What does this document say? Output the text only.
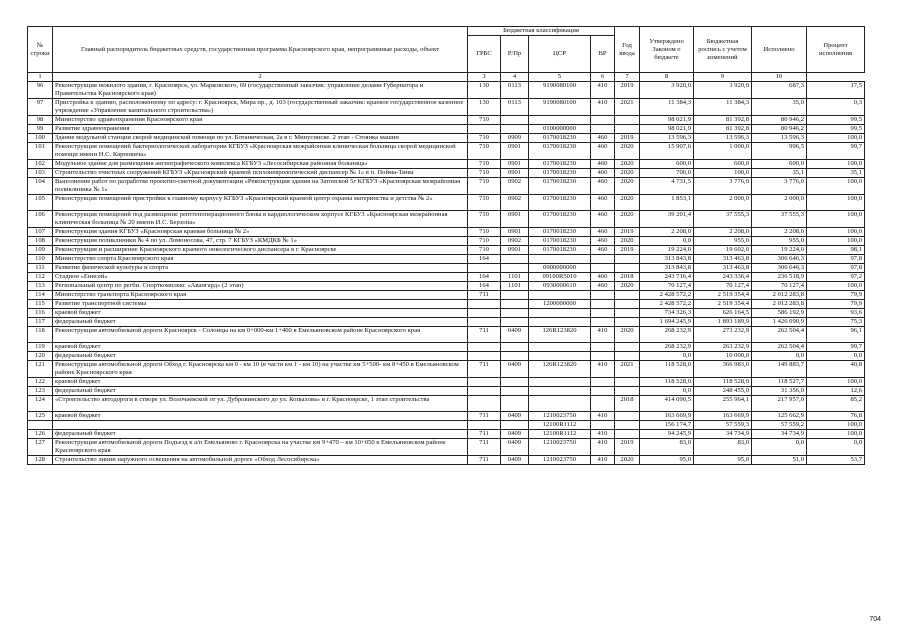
№ строки	Главный распорядитель бюджетных средств, государственная программа Красноярского края, непрограммные расходы, объект	Бюджетная классификация				Год ввода	Утверждено Законом о бюджете	Бюджетная роспись с учетом изменений	Исполнено	Процент исполнения
		ГРБС	Р/Пр	ЦСР	ВР					
1	2	3	4	5	6	7	8	9	10	
96	Реконструкция нежилого здания, г. Красноярск, ул. Марковского, 69 (государственный заказчик: управление делами Губернатора и Правительства Красноярского края)	130	0113	9190080100	410	2019	3 920,0	3 920,0	687,3	17,5
97	Пристройка к зданию, расположенному по адресу: г. Красноярск, Мира пр., д. 103 (государственный заказчик: краевое государственное казенное учреждение «Управление капитального строительства»)	130	0113	9190080100	410	2021	11 384,3	11 384,3	35,0	0,3
98	Министерство здравоохранения Красноярского края	710					98 021,9	81 392,8	80 946,2	99,5
99	Развитие здравоохранения			0100000000			98 021,9	81 392,8	80 946,2	99,5
100	Здание модульной станции скорой медицинской помощи по ул. Ботаническая, 2а в г. Минусинске. 2 этап - Стоянка машин	710	0909	0170018230	460	2019	13 596,3	13 596,3	13 596,3	100,0
101	Реконструкция помещений бактериологической лаборатории КГБУЗ «Красноярская межрайонная клиническая больница скорой медицинской помощи имени Н.С. Карповича»	710	0901	0170018230	460	2020	15 907,6	1 000,0	996,5	99,7
102	Модульное здание для размещения ангиографического комплекса КГБУЗ «Лесосибирская районная больница»	710	0901	0170018230	460	2020	600,0	600,0	600,0	100,0
103	Строительство очистных сооружений КГБУЗ «Красноярский краевой психоневрологический диспансер № 1» в п. Пойма-Тины	710	0901	0170018230	460	2020	700,0	100,0	35,1	35,1
104	Выполнение работ по разработке проектно-сметной документации «Реконструкция здания на Затонской 5г КГБУЗ «Красноярская межрайонная поликлиника № 1»	710	0902	0170018230	460	2020	4 731,5	3 776,0	3 776,0	100,0
105	Реконструкция помещений пристройки к главному корпусу КГБУЗ «Красноярский краевой центр охраны материнства и детства № 2»	710	0902	0170018230	460	2020	1 853,1	2 000,0	2 000,0	100,0
106	Реконструкция помещений под размещение рентгеноперационного блока в кардиологическом корпусе КГБУЗ «Красноярская межрайонная клиническая больница № 20 имени И.С. Берзона»	710	0901	0170018230	460	2020	39 201,4	37 555,3	37 555,3	100,0
107	Реконструкция здания КГБУЗ «Красноярская краевая больница № 2»	710	0901	0170018230	460	2019	2 208,0	2 208,0	2 208,0	100,0
108	Реконструкция поликлиники № 4 по ул. Ломоносова, 47, стр. 7 КГБУЗ «КМДКБ № 1»	710	0902	0170018230	460	2020	0,0	955,0	955,0	100,0
109	Реконструкция и расширение Красноярского краевого онкологического диспансера в г. Красноярске	710	0901	0170018230	460	2019	19 224,0	19 602,0	19 224,0	98,1
110	Министерство спорта Красноярского края	164					313 843,8	313 463,8	306 646,3	97,8
111	Развитие физической культуры и спорта			0900000000			313 843,8	313 463,8	306 646,3	97,8
112	Стадион «Енисей»	164	1101	09100R5010	460	2018	243 716,4	243 336,4	236 518,9	97,2
113	Региональный центр по регби. Спорткомплекс «Авангард» (2 этап)	164	1101	0930000610	460	2020	70 127,4	70 127,4	70 127,4	100,0
114	Министерство транспорта Красноярского края	711					2 428 572,2	2 519 354,4	2 012 283,8	79,9
115	Развитие транспортной системы			1200000000			2 428 572,2	2 519 354,4	2 012 283,8	79,9
116	краевой бюджет						734 326,3	626 164,5	586 192,9	93,6
117	федеральный бюджет						1 694 245,9	1 893 189,9	1 426 090,9	75,3
118	Реконструкция автомобильной дороги Красноярск - Солонцы на км 0+000-км 1+400 в Емельяновском районе Красноярского края	711	0409	126R123820	410	2020	268 232,9	273 232,9	262 504,4	96,1
119	краевой бюджет						268 232,9	263 232,9	262 504,4	99,7
120	федеральный бюджет						0,0	10 000,0	0,0	0,0
121	Реконструкция автомобильной дороги Обход г. Красноярска км 0 - км 10 (в части км 1 - км 10) на участке км 5+500- км 8+450 в Емельяновском районе Красноярского края	711	0409	126R123820	410	2021	118 528,0	366 983,0	149 883,7	40,8
122	краевой бюджет						118 528,0	118 528,0	118 527,7	100,0
123	федеральный бюджет						0,0	248 455,0	31 356,0	12,6
124	«Строительство автодороги в створе ул. Волочаевской от ул. Дубровинского до ул. Копылова» в г. Красноярске, 1 этап строительства					2018	414 090,5	255 964,1	217 957,0	85,2
125	краевой бюджет	711	0409	1210023750	410		163 669,9	163 669,9	125 662,9	76,8
				12100R1112			156 174,7	57 559,3	57 559,2	100,0
126	федеральный бюджет	711	0409	12100R1112	410		94 245,9	34 734,9	34 734,9	100,0
127	Реконструкция автомобильной дороги Подъезд к а/п Емельяново г. Красноярска на участке км 9+470 – км 10+050 в Емельяновском районе Красноярского края	711	0409	1210023750	410	2019	83,0	83,0	0,0	0,0
128	Строительство линии наружного освещения на автомобильной дороге «Обход Лесосибирска»	711	0409	1210023750	410	2020	95,0	95,0	51,0	53,7
704
